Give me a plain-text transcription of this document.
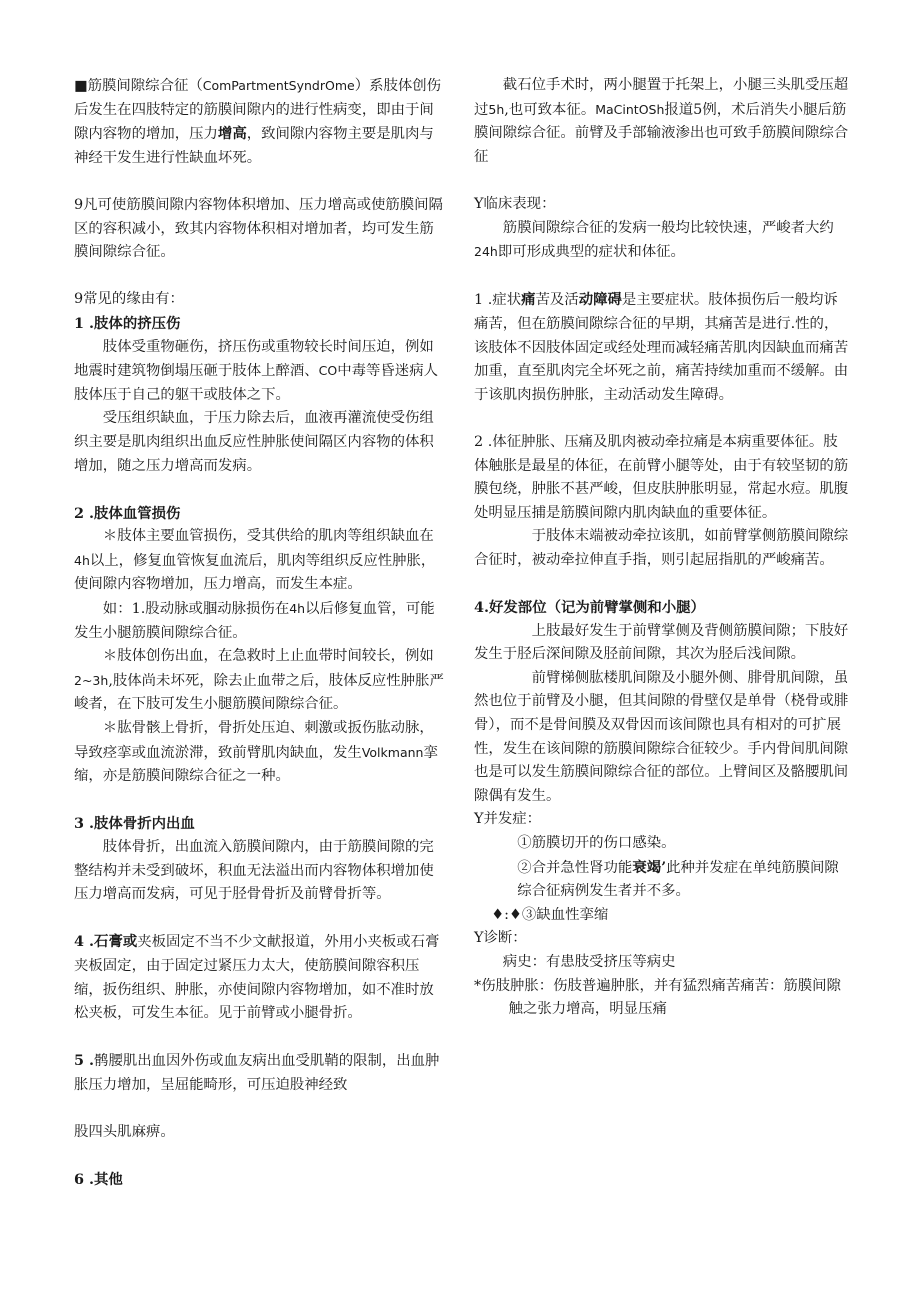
■筋膜间隙综合征（ComPartmentSyndrOme）系肢体创伤后发生在四肢特定的筋膜间隙内的进行性病变，即由于间隙内容物的增加，压力增高，致间隙内容物主要是肌肉与神经干发生进行性缺血坏死。

9凡可使筋膜间隙内容物体积增加、压力增高或使筋膜间隔区的容积减小，致其内容物体积相对增加者，均可发生筋膜间隙综合征。

9常见的缘由有：

1 .肢体的挤压伤

肢体受重物砸伤，挤压伤或重物较长时间压迫，例如地震时建筑物倒塌压砸于肢体上醉酒、CO中毒等昏迷病人肢体压于自己的躯干或肢体之下。

受压组织缺血，于压力除去后，血液再灌流使受伤组织主要是肌肉组织出血反应性肿胀使间隔区内容物的体积增加，随之压力增高而发病。

2 .肢体血管损伤

＊肢体主要血管损伤，受其供给的肌肉等组织缺血在4h以上，修复血管恢复血流后，肌肉等组织反应性肿胀，使间隙内容物增加，压力增高，而发生本症。

如：1.股动脉或腘动脉损伤在4h以后修复血管，可能发生小腿筋膜间隙综合征。

＊肢体创伤出血，在急救时上止血带时间较长，例如2~3h,肢体尚未坏死，除去止血带之后，肢体反应性肿胀严峻者，在下肢可发生小腿筋膜间隙综合征。

＊肱骨骸上骨折，骨折处压迫、刺激或扳伤肱动脉，导致痉挛或血流淤滞，致前臂肌肉缺血，发生Volkmann挛缩，亦是筋膜间隙综合征之一种。

3 .肢体骨折内出血

肢体骨折，出血流入筋膜间隙内，由于筋膜间隙的完整结构并未受到破坏，积血无法溢出而内容物体积增加使压力增高而发病，可见于胫骨骨折及前臂骨折等。

4 .石膏或夹板固定不当不少文献报道，外用小夹板或石膏夹板固定，由于固定过紧压力太大，使筋膜间隙容积压缩，扳伤组织、肿胀，亦使间隙内容物增加，如不准时放松夹板，可发生本征。见于前臂或小腿骨折。

5 .鹘腰肌出血因外伤或血友病出血受肌鞘的限制，出血肿胀压力增加，呈屈能畸形，可压迫股神经致

股四头肌麻痹。

6 .其他

截石位手术时，两小腿置于托架上，小腿三头肌受压超过5h,也可致本征。MaCintOSh报道5例，术后消失小腿后筋膜间隙综合征。前臂及手部输液渗出也可致手筋膜间隙综合征

Y临床表现：

筋膜间隙综合征的发病一般均比较快速，严峻者大约24h即可形成典型的症状和体征。

1 .症状痛苦及活动障碍是主要症状。肢体损伤后一般均诉痛苦，但在筋膜间隙综合征的早期，其痛苦是进行.性的，该肢体不因肢体固定或经处理而减轻痛苦肌肉因缺血而痛苦加重，直至肌肉完全坏死之前，痛苦持续加重而不缓解。由于该肌肉损伤肿胀，主动活动发生障碍。

2 .体征肿胀、压痛及肌肉被动牵拉痛是本病重要体征。肢体触胀是最星的体征，在前臂小腿等处，由于有较坚韧的筋膜包绕，肿胀不甚严峻，但皮肤肿胀明显，常起水痘。肌腹处明显压捕是筋膜间隙内肌肉缺血的重要体征。

于肢体末端被动牵拉该肌，如前臂掌侧筋膜间隙综合征时，被动牵拉伸直手指，则引起屈指肌的严峻痛苦。

4.好发部位（记为前臂掌侧和小腿）

上肢最好发生于前臂掌侧及背侧筋膜间隙；下肢好发生于胫后深间隙及胫前间隙，其次为胫后浅间隙。

前臂梯侧肱楼肌间隙及小腿外侧、腓骨肌间隙，虽然也位于前臂及小腿，但其间隙的骨壁仅是单骨（桡骨或腓骨），而不是骨间膜及双骨因而该间隙也具有相对的可扩展性，发生在该间隙的筋膜间隙综合征较少。手内骨间肌间隙也是可以发生筋膜间隙综合征的部位。上臂间区及骼腰肌间隙偶有发生。

Y并发症：

①筋膜切开的伤口感染。

②合并急性肾功能衰竭’此种并发症在单纯筋膜间隙综合征病例发生者并不多。

♦:♦③缺血性挛缩

Y诊断：

病史：有患肢受挤压等病史

*伤肢肿胀：伤肢普遍肿胀，并有猛烈痛苦痛苦：筋膜间隙触之张力增高，明显压痛
